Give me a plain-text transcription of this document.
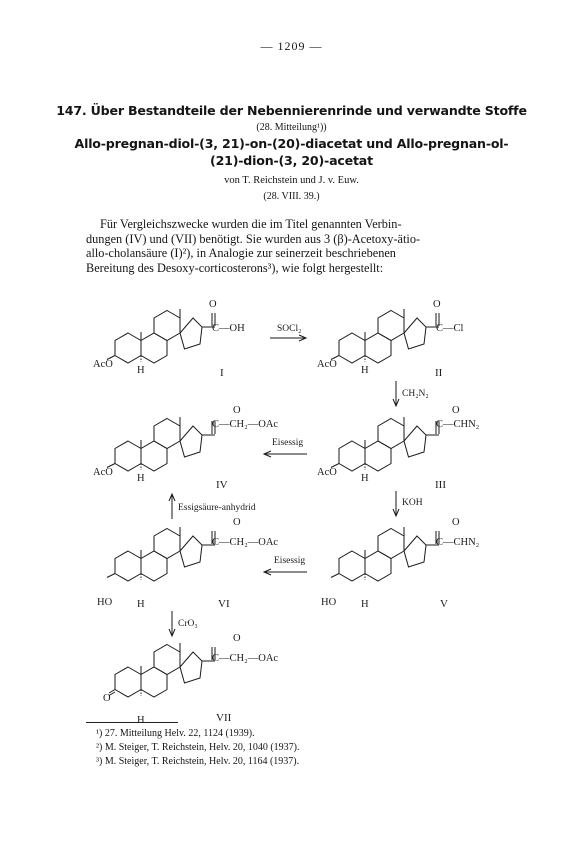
— 1209 —
147. Über Bestandteile der Nebennierenrinde und verwandte Stoffe
(28. Mitteilung¹))
Allo-pregnan-diol-(3, 21)-on-(20)-diacetat und Allo-pregnan-ol-
(21)-dion-(3, 20)-acetat
von T. Reichstein und J. v. Euw.
(28. VIII. 39.)

Für Vergleichszwecke wurden die im Titel genannten Verbin-

dungen (IV) und (VII) benötigt. Sie wurden aus 3 (β)-Acetoxy-ätio-

allo-cholansäure (I)²), in Analogie zur seinerzeit beschriebenen

Bereitung des Desoxy-corticosterons³), wie folgt hergestellt:

AcO
H
O
C—OH
I
AcO
H
O
C—Cl
II
AcO
H
O
C—CH₂—OAc
IV
AcO
H
O
C—CHN₂
III
HO H
O
C—CH₂—OAc
VI	HO H
O
C—CHN₂
V
O
H
O
C—CH₂—OAc
VII
SOCl₂
CH₂N₂
Eisessig
KOH
Eisessig
Essigsäure-anhydrid
CrO₃
¹) 27. Mitteilung Helv. 22, 1124 (1939).
²) M. Steiger, T. Reichstein, Helv. 20, 1040 (1937).
³) M. Steiger, T. Reichstein, Helv. 20, 1164 (1937).
